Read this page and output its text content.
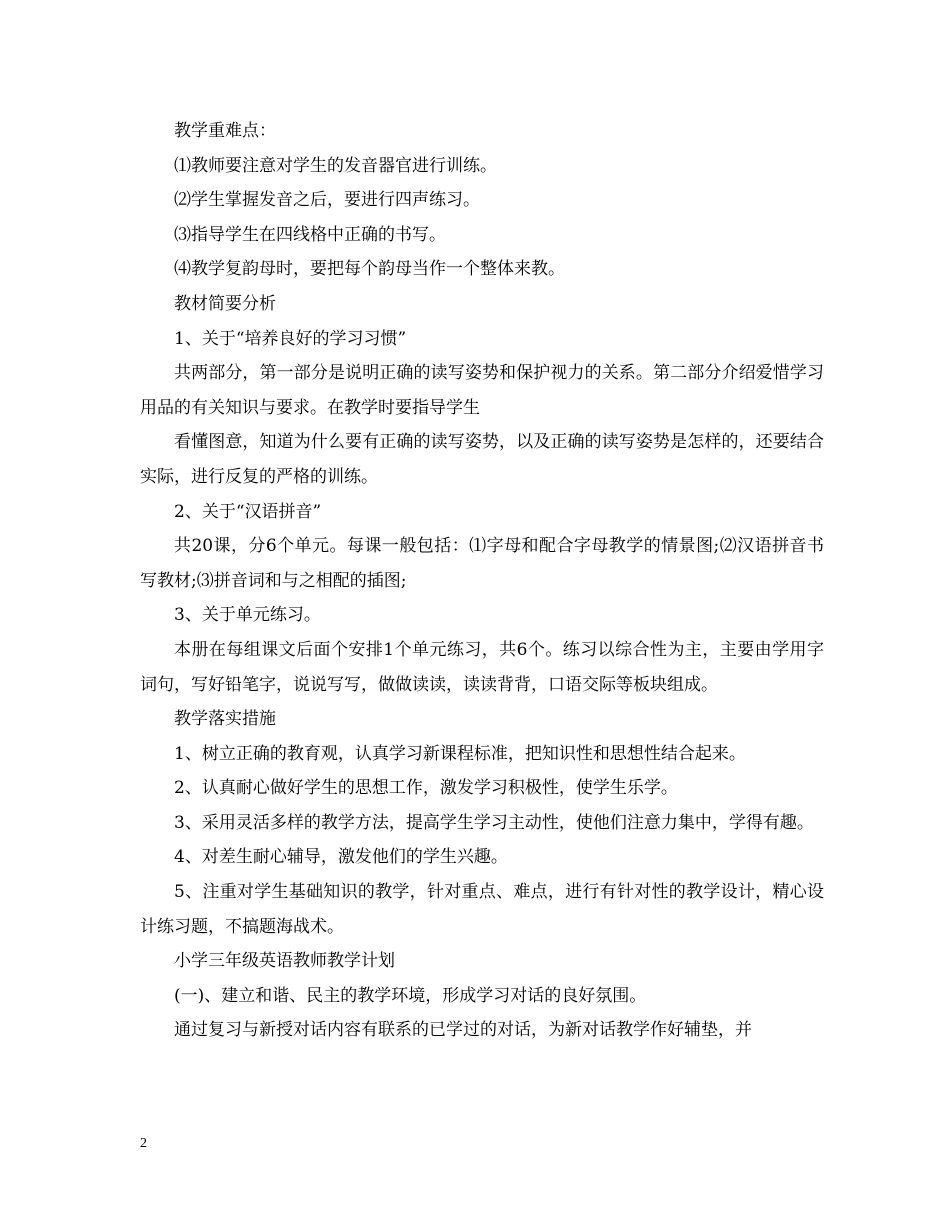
教学重难点：

⑴教师要注意对学生的发音器官进行训练。

⑵学生掌握发音之后，要进行四声练习。

⑶指导学生在四线格中正确的书写。

⑷教学复韵母时，要把每个韵母当作一个整体来教。

教材简要分析

1、关于“培养良好的学习习惯”

共两部分，第一部分是说明正确的读写姿势和保护视力的关系。第二部分介绍爱惜学习用品的有关知识与要求。在教学时要指导学生

看懂图意，知道为什么要有正确的读写姿势，以及正确的读写姿势是怎样的，还要结合实际，进行反复的严格的训练。

2、关于“汉语拼音”

共20课，分6个单元。每课一般包括：⑴字母和配合字母教学的情景图;⑵汉语拼音书写教材;⑶拼音词和与之相配的插图;

3、关于单元练习。

本册在每组课文后面个安排1个单元练习，共6个。练习以综合性为主，主要由学用字词句，写好铅笔字，说说写写，做做读读，读读背背，口语交际等板块组成。

教学落实措施

1、树立正确的教育观，认真学习新课程标准，把知识性和思想性结合起来。

2、认真耐心做好学生的思想工作，激发学习积极性，使学生乐学。

3、采用灵活多样的教学方法，提高学生学习主动性，使他们注意力集中，学得有趣。

4、对差生耐心辅导，激发他们的学生兴趣。

5、注重对学生基础知识的教学，针对重点、难点，进行有针对性的教学设计，精心设计练习题，不搞题海战术。

小学三年级英语教师教学计划

(一)、建立和谐、民主的教学环境，形成学习对话的良好氛围。

通过复习与新授对话内容有联系的已学过的对话，为新对话教学作好辅垫，并

2
